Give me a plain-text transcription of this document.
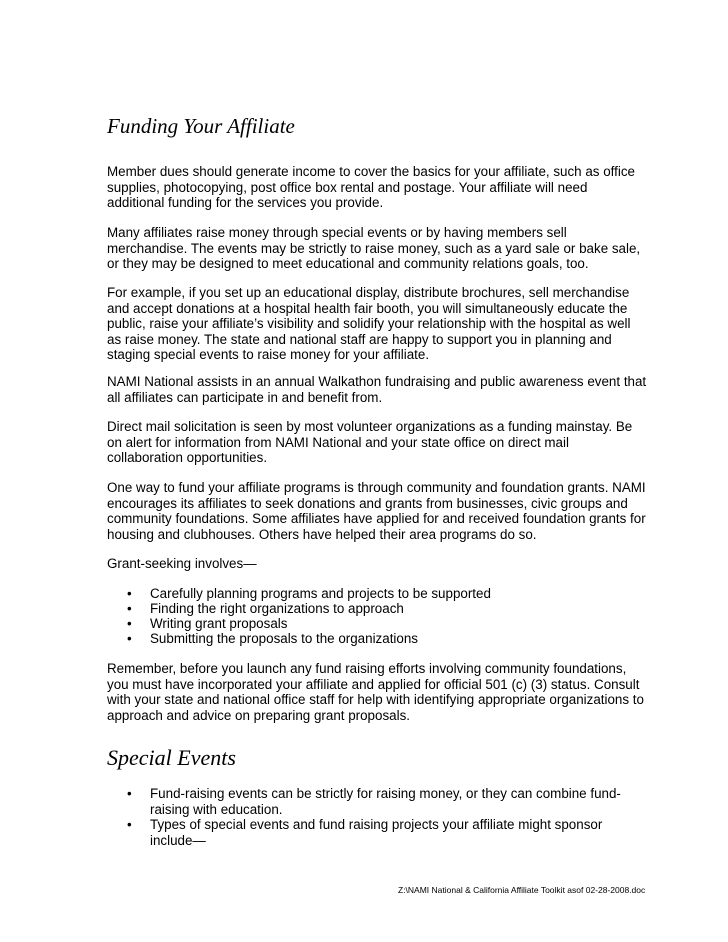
Funding Your Affiliate

Member dues should generate income to cover the basics for your affiliate, such as office supplies, photocopying, post office box rental and postage. Your affiliate will need additional funding for the services you provide.

Many affiliates raise money through special events or by having members sell merchandise. The events may be strictly to raise money, such as a yard sale or bake sale, or they may be designed to meet educational and community relations goals, too.

For example, if you set up an educational display, distribute brochures, sell merchandise and accept donations at a hospital health fair booth, you will simultaneously educate the public, raise your affiliate’s visibility and solidify your relationship with the hospital as well as raise money. The state and national staff are happy to support you in planning and staging special events to raise money for your affiliate.

NAMI National assists in an annual Walkathon fundraising and public awareness event that all affiliates can participate in and benefit from.

Direct mail solicitation is seen by most volunteer organizations as a funding mainstay. Be on alert for information from NAMI National and your state office on direct mail collaboration opportunities.

One way to fund your affiliate programs is through community and foundation grants. NAMI encourages its affiliates to seek donations and grants from businesses, civic groups and community foundations. Some affiliates have applied for and received foundation grants for housing and clubhouses. Others have helped their area programs do so.

Grant-seeking involves—

• Carefully planning programs and projects to be supported
• Finding the right organizations to approach
• Writing grant proposals
• Submitting the proposals to the organizations

Remember, before you launch any fund raising efforts involving community foundations, you must have incorporated your affiliate and applied for official 501 (c) (3) status. Consult with your state and national office staff for help with identifying appropriate organizations to approach and advice on preparing grant proposals.

Special Events
• Fund-raising events can be strictly for raising money, or they can combine fund-raising with education.
• Types of special events and fund raising projects your affiliate might sponsor include—
Z:\NAMI National & California Affiliate Toolkit asof 02-28-2008.doc
